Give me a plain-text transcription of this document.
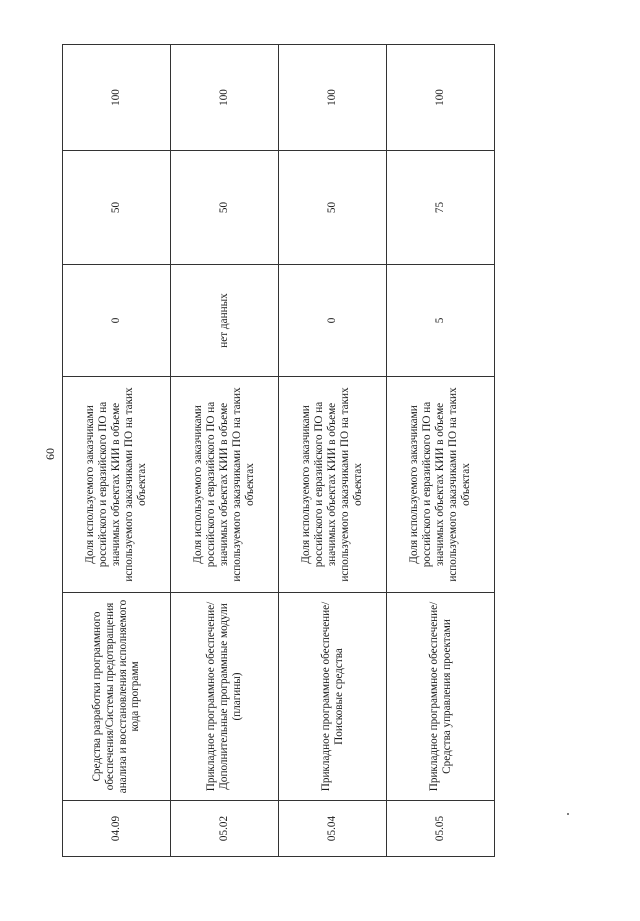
60
04.09	Средства разработки программного обеспечения/Системы предотвращения анализа и восстановления исполняемого кода программ	Доля используемого заказчиками российского и евразийского ПО на значимых объектах КИИ в объеме используемого заказчиками ПО на таких объектах	0	50	100
05.02	Прикладное программное обеспечение/Дополнительные программные модули (плагины)	Доля используемого заказчиками российского и евразийского ПО на значимых объектах КИИ в объеме используемого заказчиками ПО на таких объектах	нет данных	50	100
05.04	Прикладное программное обеспечение/Поисковые средства	Доля используемого заказчиками российского и евразийского ПО на значимых объектах КИИ в объеме используемого заказчиками ПО на таких объектах	0	50	100
05.05	Прикладное программное обеспечение/Средства управления проектами	Доля используемого заказчиками российского и евразийского ПО на значимых объектах КИИ в объеме используемого заказчиками ПО на таких объектах	5	75	100
